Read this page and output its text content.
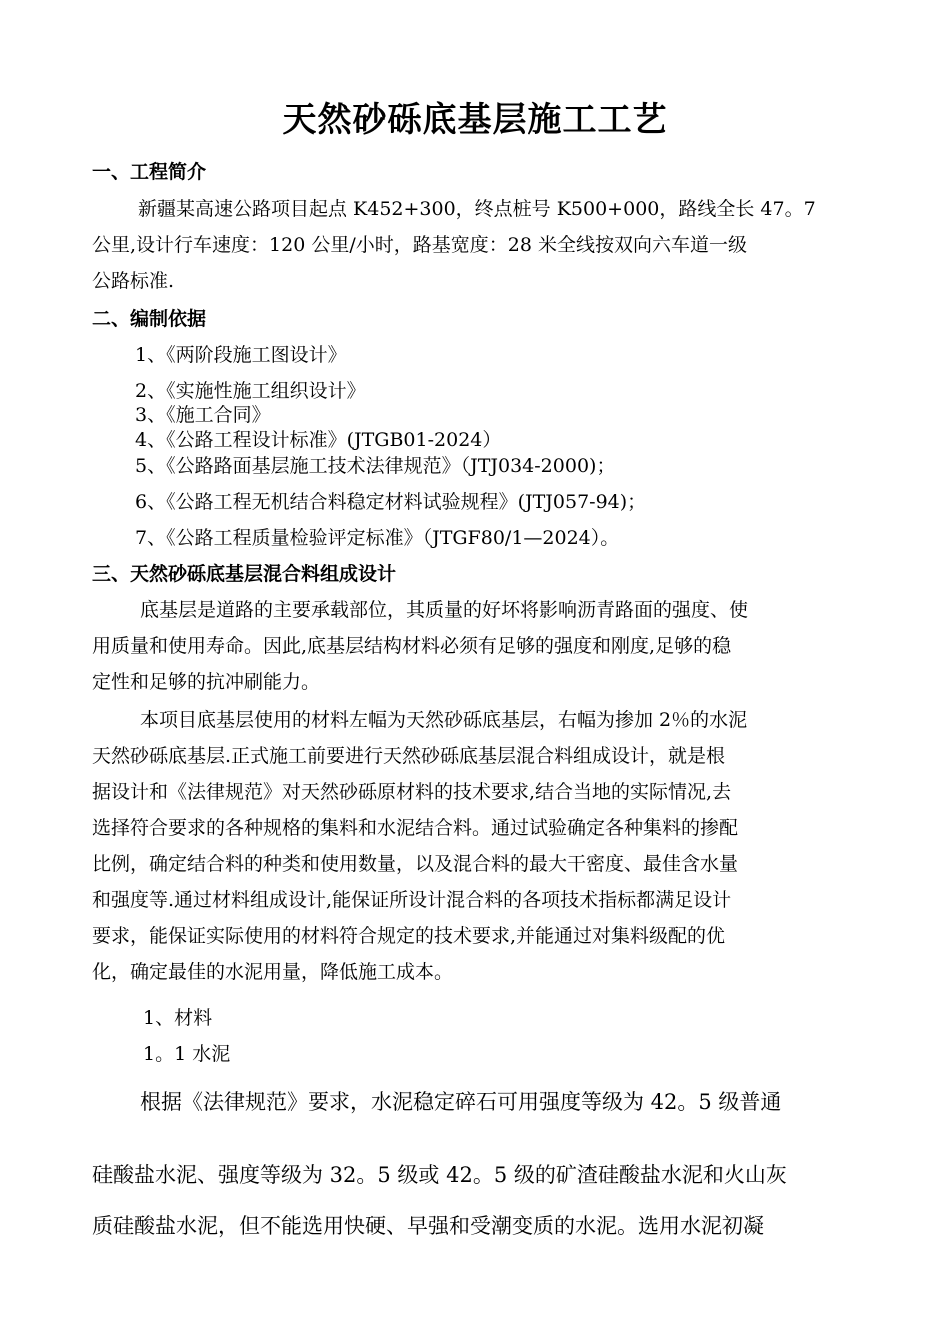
天然砂砾底基层施工工艺
一、工程简介
新疆某高速公路项目起点 K452+300，终点桩号 K500+000，路线全长 47。7
公里,设计行车速度：120 公里/小时，路基宽度：28 米全线按双向六车道一级
公路标准.
二、编制依据
1、《两阶段施工图设计》
2、《实施性施工组织设计》
3、《施工合同》
4、《公路工程设计标准》(JTGB01-2024）
5、《公路路面基层施工技术法律规范》（JTJ034-2000)；
6、《公路工程无机结合料稳定材料试验规程》(JTJ057-94)；
7、《公路工程质量检验评定标准》（JTGF80/1—2024）。
三、天然砂砾底基层混合料组成设计
底基层是道路的主要承载部位，其质量的好坏将影响沥青路面的强度、使
用质量和使用寿命。因此,底基层结构材料必须有足够的强度和刚度,足够的稳
定性和足够的抗冲刷能力。
本项目底基层使用的材料左幅为天然砂砾底基层，右幅为掺加 2％的水泥
天然砂砾底基层.正式施工前要进行天然砂砾底基层混合料组成设计，就是根
据设计和《法律规范》对天然砂砾原材料的技术要求,结合当地的实际情况,去
选择符合要求的各种规格的集料和水泥结合料。通过试验确定各种集料的掺配
比例，确定结合料的种类和使用数量，以及混合料的最大干密度、最佳含水量
和强度等.通过材料组成设计,能保证所设计混合料的各项技术指标都满足设计
要求，能保证实际使用的材料符合规定的技术要求,并能通过对集料级配的优
化，确定最佳的水泥用量，降低施工成本。
1、材料
1。1 水泥
根据《法律规范》要求，水泥稳定碎石可用强度等级为 42。5 级普通
硅酸盐水泥、强度等级为 32。5 级或 42。5 级的矿渣硅酸盐水泥和火山灰
质硅酸盐水泥，但不能选用快硬、早强和受潮变质的水泥。选用水泥初凝
